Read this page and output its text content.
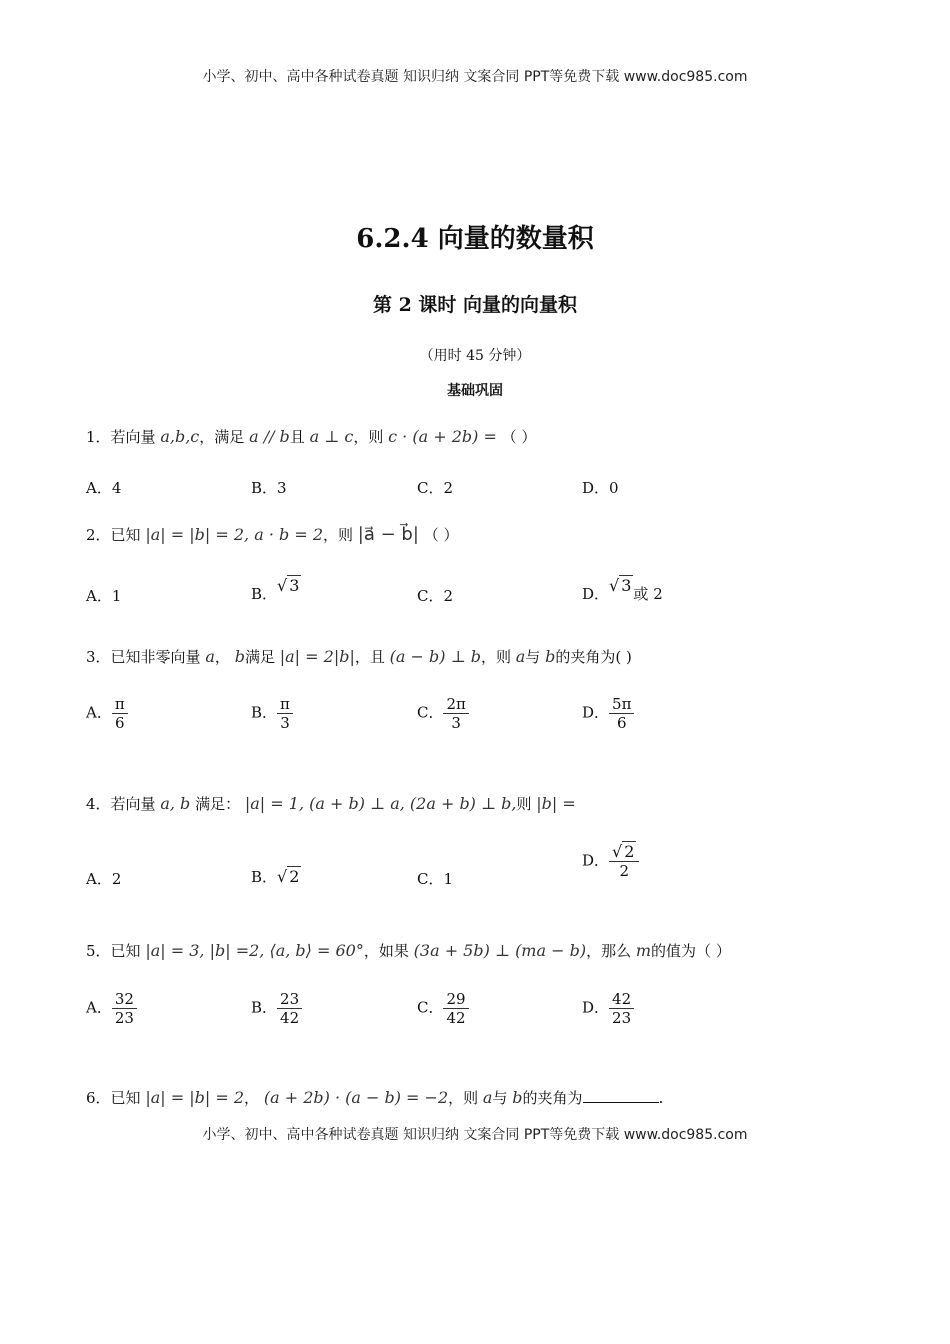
小学、初中、高中各种试卷真题 知识归纳 文案合同 PPT等免费下载 www.doc985.com
6.2.4 向量的数量积
第 2 课时 向量的向量积
（用时 45 分钟）
基础巩固
1．若向量 a,b,c，满足 a // b且 a ⊥ c，则 c · (a + 2b) = （ ）
A．4	B．3	C．2	D．0
2．已知 |a| = |b| = 2, a · b = 2，则 |a⃗ − b⃗| （ ）
A．1	B．√ 3
C．2	D．√ 3 或 2
3．已知非零向量 a， b满足 |a| = 2|b|，且 (a − b) ⊥ b，则 a与 b的夹角为( )
A． $\frac{\pi}{6}$	B． $\frac{\pi}{3}$	C． $\frac{2\pi}{3}$	D． $\frac{5\pi}{6}$
4．若向量 a, b 满足： |a| = 1, (a + b) ⊥ a, (2a + b) ⊥ b,则 |b| =
A．2	B．√ 2	C．1
D． $\frac{√ 2}{2}$
5．已知 |a| = 3, |b| =2, ⟨a, b⟩ = 60°，如果 (3a + 5b) ⊥ (ma − b)，那么 m的值为（ ）
A． $\frac{32}{23}$	B． $\frac{23}{42}$	C． $\frac{29}{42}$	D． $\frac{42}{23}$
6．已知 |a| = |b| = 2， (a + 2b) · (a − b) = −2，则 a与 b的夹角为	.
小学、初中、高中各种试卷真题 知识归纳 文案合同 PPT等免费下载 www.doc985.com
